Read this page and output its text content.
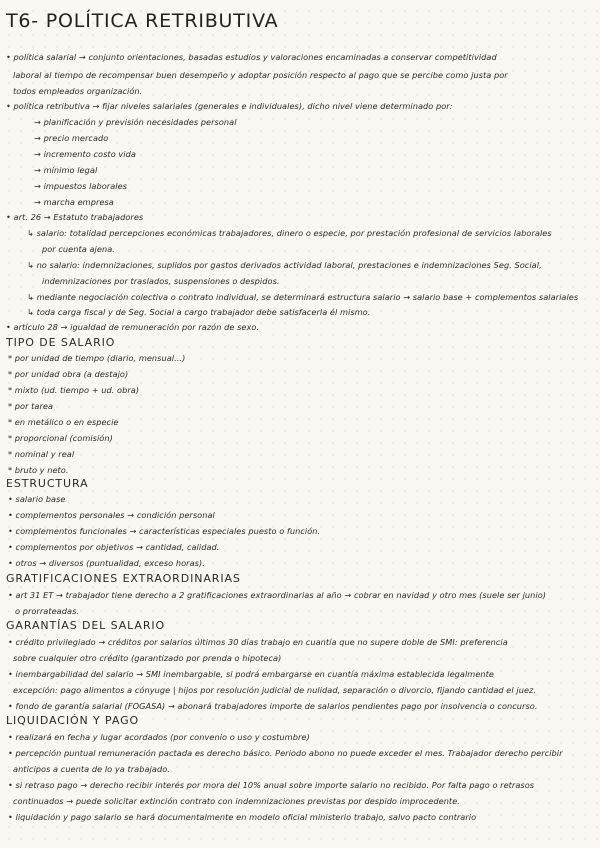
T6- POLÍTICA RETRIBUTIVA
• política salarial → conjunto orientaciones, basadas estudios y valoraciones encaminadas a conservar competitividad
laboral al tiempo de recompensar buen desempeño y adoptar posición respecto al pago que se percibe como justa por
todos empleados organización.
• política retributiva → fijar niveles salariales (generales e individuales), dicho nivel viene determinado por:
→ planificación y previsión necesidades personal
→ precio mercado
→ incremento costo vida
→ mínimo legal
→ impuestos laborales
→ marcha empresa
• art. 26 → Estatuto trabajadores
↳ salario: totalidad percepciones económicas trabajadores, dinero o especie, por prestación profesional de servicios laborales
por cuenta ajena.
↳ no salario: indemnizaciones, suplidos por gastos derivados actividad laboral, prestaciones e indemnizaciones Seg. Social,
indemnizaciones por traslados, suspensiones o despidos.
↳ mediante negociación colectiva o contrato individual, se determinará estructura salario → salario base + complementos salariales
↳ toda carga fiscal y de Seg. Social a cargo trabajador debe satisfacerla él mismo.
• artículo 28 → igualdad de remuneración por razón de sexo.
* por unidad de tiempo (diario, mensual...)
* por unidad obra (a destajo)
* mixto (ud. tiempo + ud. obra)
* por tarea
* en metálico o en especie
* proporcional (comisión)
* nominal y real
* bruto y neto.
• salario base
• complementos personales → condición personal
• complementos funcionales → características especiales puesto o función.
• complementos por objetivos → cantidad, calidad.
• otros → diversos (puntualidad, exceso horas).
• art 31 ET → trabajador tiene derecho a 2 gratificaciones extraordinarias al año → cobrar en navidad y otro mes (suele ser junio)
o prorrateadas.
• crédito privilegiado → créditos por salarios últimos 30 días trabajo en cuantía que no supere doble de SMI: preferencia
sobre cualquier otro crédito (garantizado por prenda o hipoteca)
• inembargabilidad del salario → SMI inembargable, si podrá embargarse en cuantía máxima establecida legalmente
excepción: pago alimentos a cónyuge | hijos por resolución judicial de nulidad, separación o divorcio, fijando cantidad el juez.
• fondo de garantía salarial (FOGASA) → abonará trabajadores importe de salarios pendientes pago por insolvencia o concurso.
• realizará en fecha y lugar acordados (por convenio o uso y costumbre)
• percepción puntual remuneración pactada es derecho básico. Periodo abono no puede exceder el mes. Trabajador derecho percibir
anticipos a cuenta de lo ya trabajado.
• si retraso pago → derecho recibir interés por mora del 10% anual sobre importe salario no recibido. Por falta pago o retrasos
continuados → puede solicitar extinción contrato con indemnizaciones previstas por despido improcedente.
• liquidación y pago salario se hará documentalmente en modelo oficial ministerio trabajo, salvo pacto contrario
TIPO DE SALARIO
ESTRUCTURA
GRATIFICACIONES EXTRAORDINARIAS
GARANTÍAS DEL SALARIO
LIQUIDACIÓN Y PAGO
